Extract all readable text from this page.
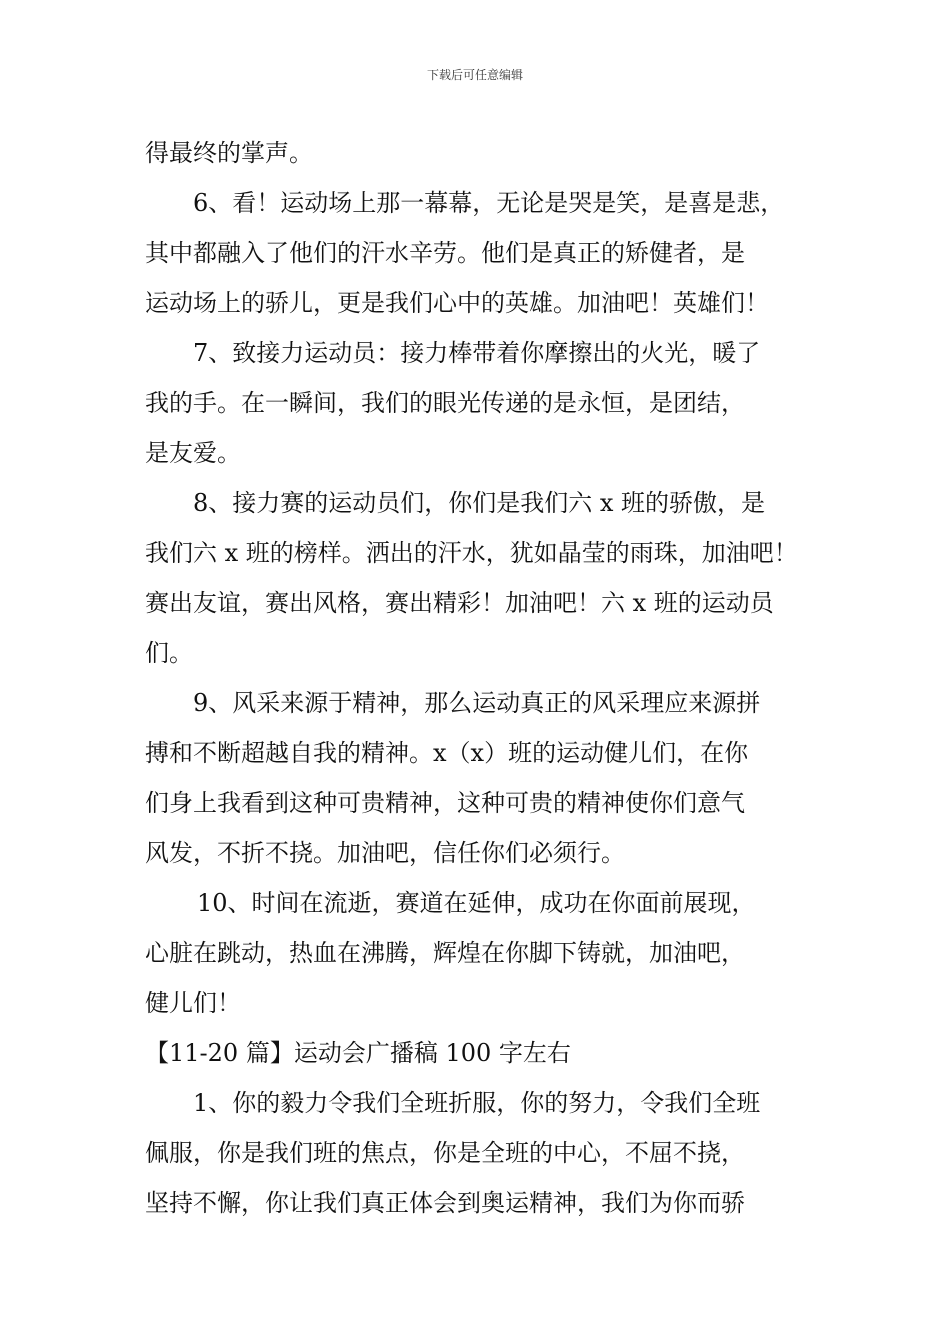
下载后可任意编辑
得最终的掌声。
6、看！运动场上那一幕幕，无论是哭是笑，是喜是悲，
其中都融入了他们的汗水辛劳。他们是真正的矫健者，是
运动场上的骄儿，更是我们心中的英雄。加油吧！英雄们！
7、致接力运动员：接力棒带着你摩擦出的火光，暖了
我的手。在一瞬间，我们的眼光传递的是永恒，是团结，
是友爱。
8、接力赛的运动员们，你们是我们六 x 班的骄傲，是
我们六 x 班的榜样。洒出的汗水，犹如晶莹的雨珠，加油吧！
赛出友谊，赛出风格，赛出精彩！加油吧！六 x 班的运动员
们。
9、风采来源于精神，那么运动真正的风采理应来源拼
搏和不断超越自我的精神。x（x）班的运动健儿们，在你
们身上我看到这种可贵精神，这种可贵的精神使你们意气
风发，不折不挠。加油吧，信任你们必须行。
10、时间在流逝，赛道在延伸，成功在你面前展现，
心脏在跳动，热血在沸腾，辉煌在你脚下铸就，加油吧，
健儿们！
【11-20 篇】运动会广播稿 100 字左右
1、你的毅力令我们全班折服，你的努力，令我们全班
佩服，你是我们班的焦点，你是全班的中心，不屈不挠，
坚持不懈，你让我们真正体会到奥运精神，我们为你而骄
